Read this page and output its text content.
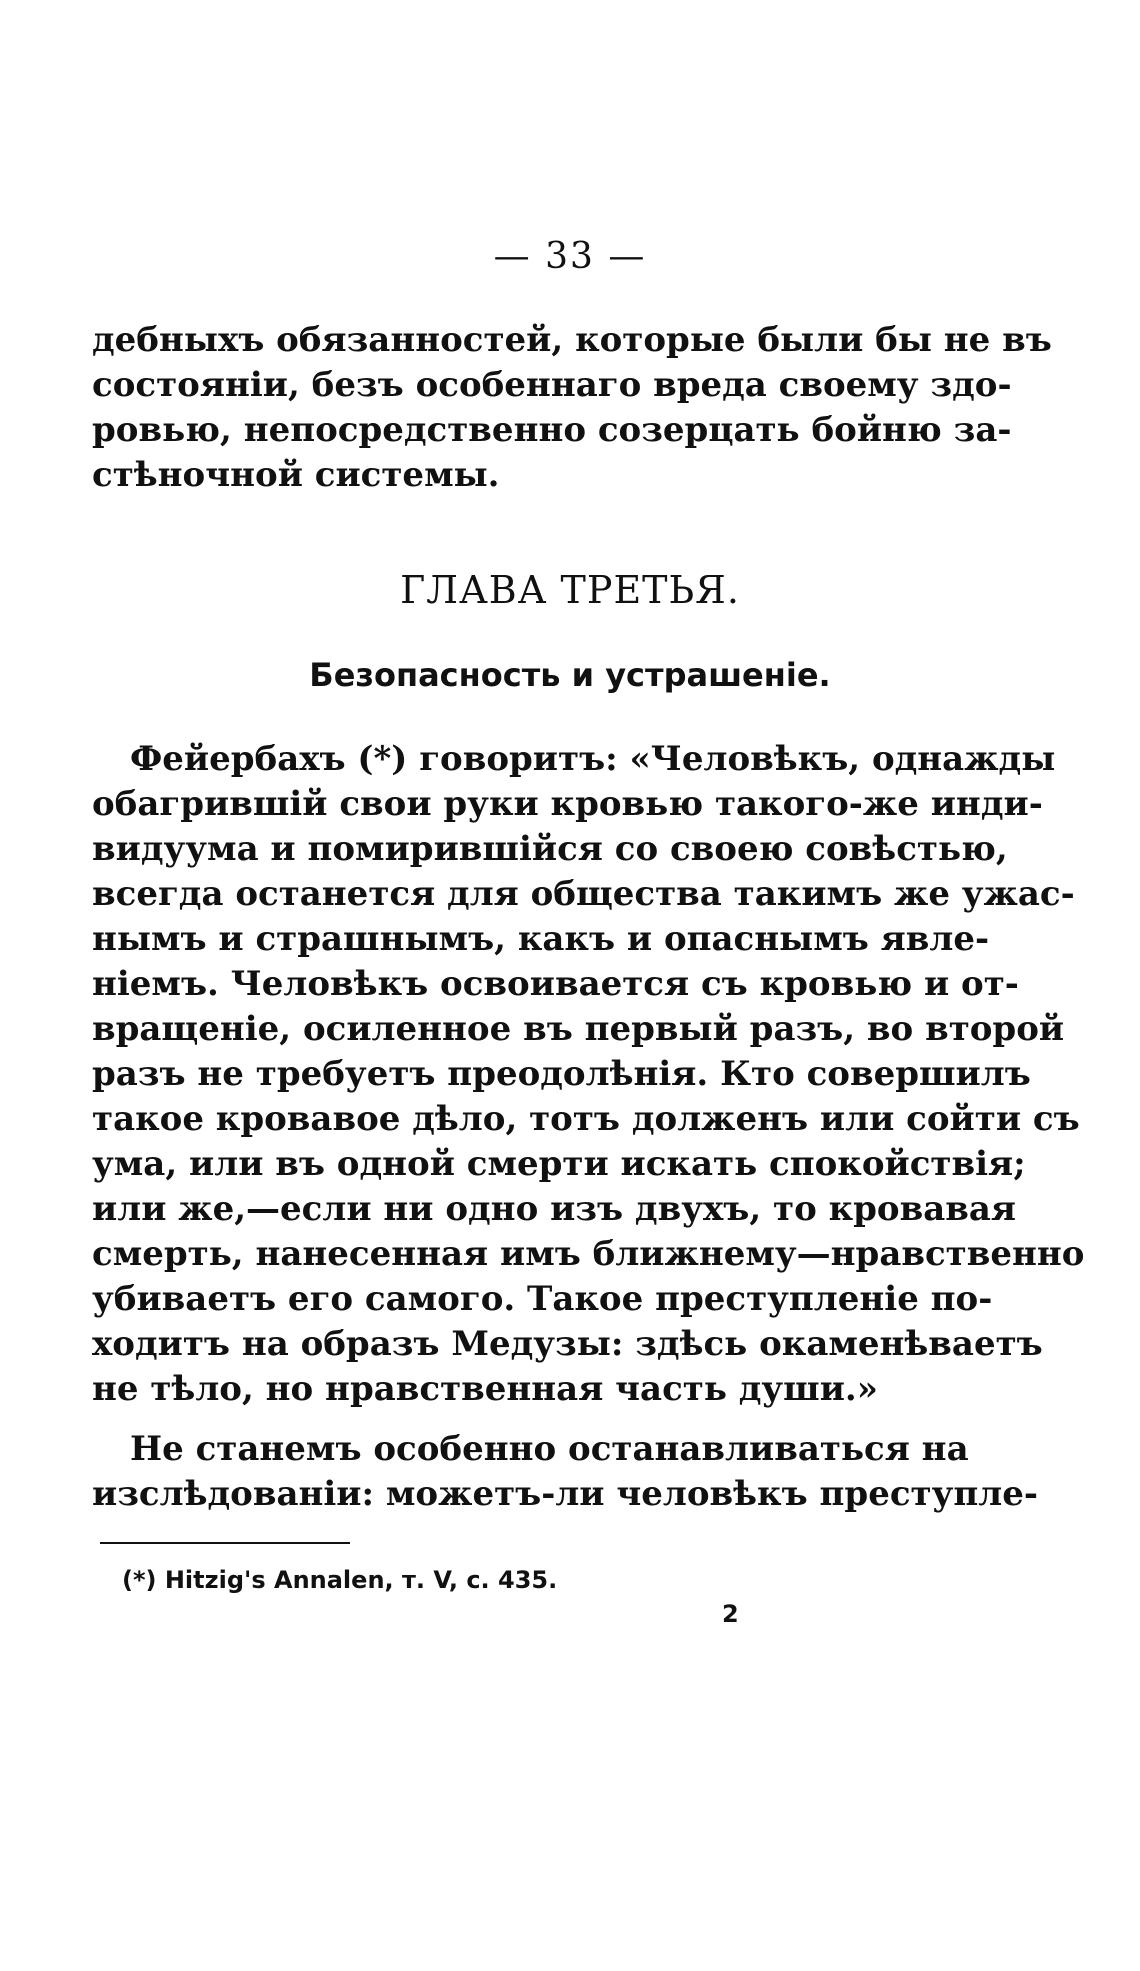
— 33 —
дебныхъ обязанностей, которые были бы не въ
состоянiи, безъ особеннаго вреда своему здо-
ровью, непосредственно созерцать бойню за-
стѣночной системы.
ГЛАВА ТРЕТЬЯ.
Безопасность и устрашенiе.
Фейербахъ (*) говоритъ: «Человѣкъ, однажды
обагрившiй свои руки кровью такого-же инди-
видуума и помирившiйся со своею совѣстью,
всегда останется для общества такимъ же ужас-
нымъ и страшнымъ, какъ и опаснымъ явле-
нiемъ. Человѣкъ освоивается съ кровью и от-
вращенiе, осиленное въ первый разъ, во второй
разъ не требуетъ преодолѣнiя. Кто совершилъ
такое кровавое дѣло, тотъ долженъ или сойти съ
ума, или въ одной смерти искать спокойствiя;
или же,—если ни одно изъ двухъ, то кровавая
смерть, нанесенная имъ ближнему—нравственно
убиваетъ его самого. Такое преступленiе по-
ходитъ на образъ Медузы: здѣсь окаменѣваетъ
не тѣло, но нравственная часть души.»
Не станемъ особенно останавливаться на
изслѣдованiи: можетъ-ли человѣкъ преступле-
(*) Hitzig's Annalen, т. V, с. 435.
2
